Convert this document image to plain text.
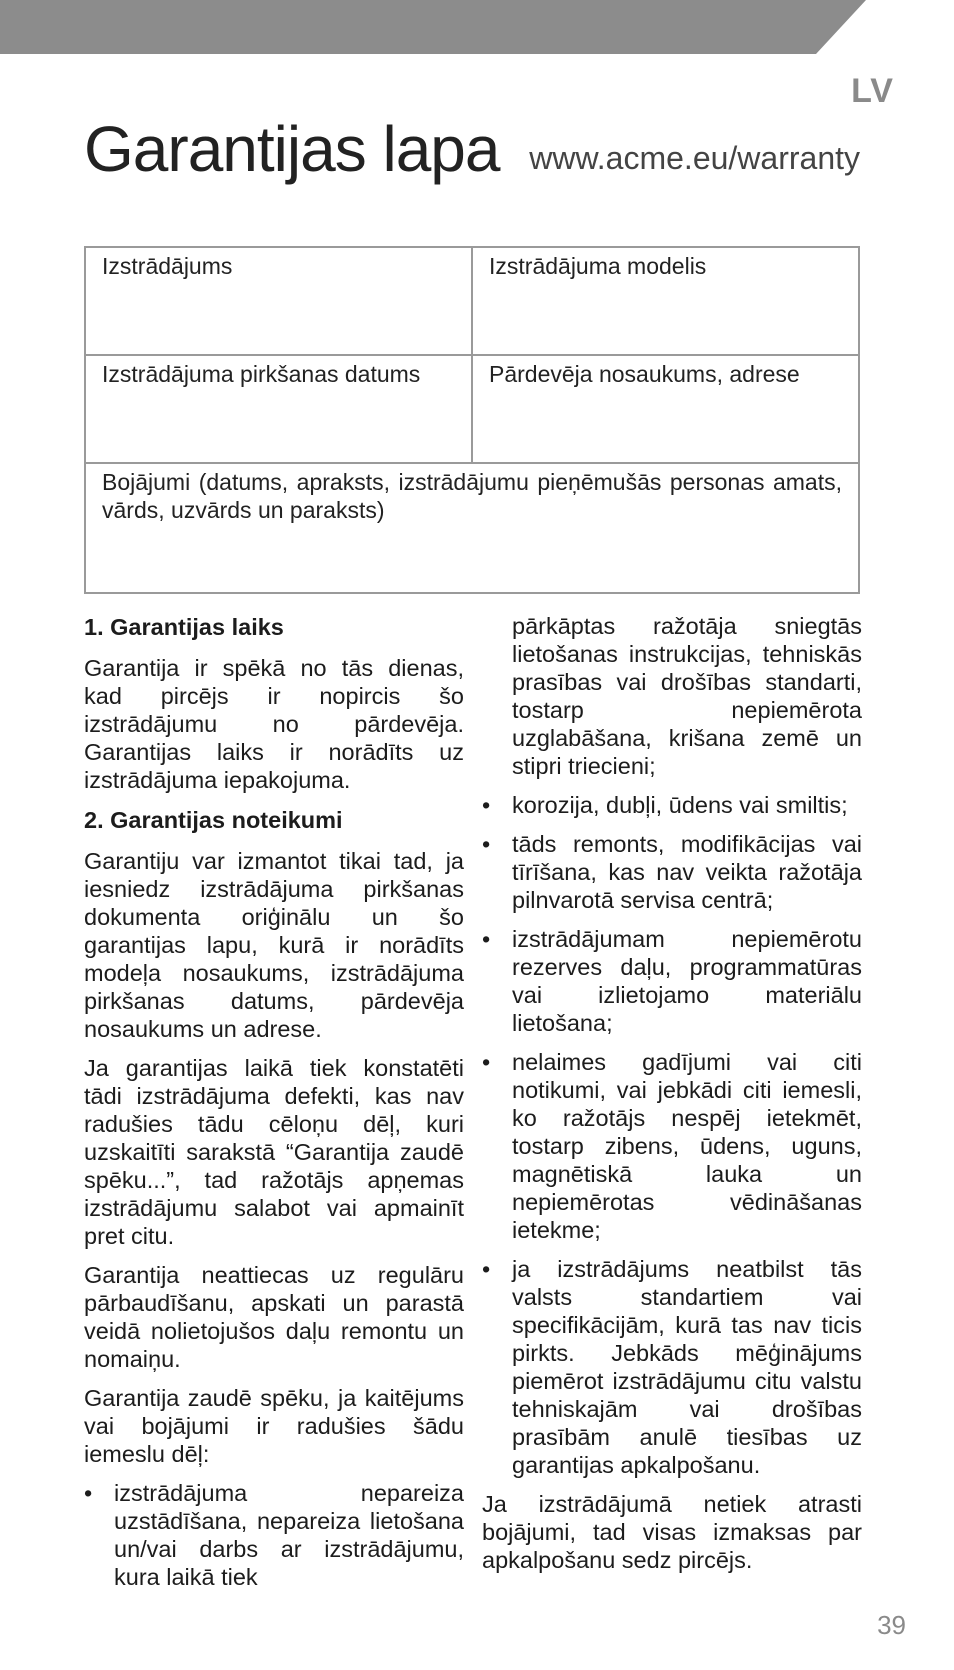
LV
Garantijas lapa www.acme.eu/warranty
Izstrādājums	Izstrādājuma modelis
Izstrādājuma pirkšanas datums	Pārdevēja nosaukums, adrese
Bojājumi (datums, apraksts, izstrādājumu pieņēmušās personas amats, vārds, uzvārds un paraksts)	
1. Garantijas laiks

Garantija ir spēkā no tās dienas, kad pircējs ir nopircis šo izstrādājumu no pārdevēja. Garantijas laiks ir norādīts uz izstrādājuma iepakojuma.

2. Garantijas noteikumi

Garantiju var izmantot tikai tad, ja iesniedz izstrādājuma pirkšanas dokumenta oriģinālu un šo garantijas lapu, kurā ir norādīts modeļa nosaukums, izstrādājuma pirkšanas datums, pārdevēja nosaukums un adrese.

Ja garantijas laikā tiek konstatēti tādi izstrādājuma defekti, kas nav radušies tādu cēloņu dēļ, kuri uzskaitīti sarakstā “Garantija zaudē spēku...”, tad ražotājs apņemas izstrādājumu salabot vai apmainīt pret citu.

Garantija neattiecas uz regulāru pārbaudīšanu, apskati un parastā veidā nolietojušos daļu remontu un nomaiņu.

Garantija zaudē spēku, ja kaitējums vai bojājumi ir radušies šādu iemeslu dēļ:

• izstrādājuma nepareiza uzstādīšana, nepareiza lietošana un/vai darbs ar izstrādājumu, kura laikā tiek
pārkāptas ražotāja sniegtās lietošanas instrukcijas, tehniskās prasības vai drošības standarti, tostarp nepiemērota uzglabāšana, krišana zemē un stipri triecieni;
• korozija, dubļi, ūdens vai smiltis;
• tāds remonts, modifikācijas vai tīrīšana, kas nav veikta ražotāja pilnvarotā servisa centrā;
• izstrādājumam nepiemērotu rezerves daļu, programmatūras vai izlietojamo materiālu lietošana;
• nelaimes gadījumi vai citi notikumi, vai jebkādi citi iemesli, ko ražotājs nespēj ietekmēt, tostarp zibens, ūdens, uguns, magnētiskā lauka un nepiemērotas vēdināšanas ietekme;
• ja izstrādājums neatbilst tās valsts standartiem vai specifikācijām, kurā tas nav ticis pirkts. Jebkāds mēģinājums piemērot izstrādājumu citu valstu tehniskajām vai drošības prasībām anulē tiesības uz garantijas apkalpošanu.

Ja izstrādājumā netiek atrasti bojājumi, tad visas izmaksas par apkalpošanu sedz pircējs.

39
